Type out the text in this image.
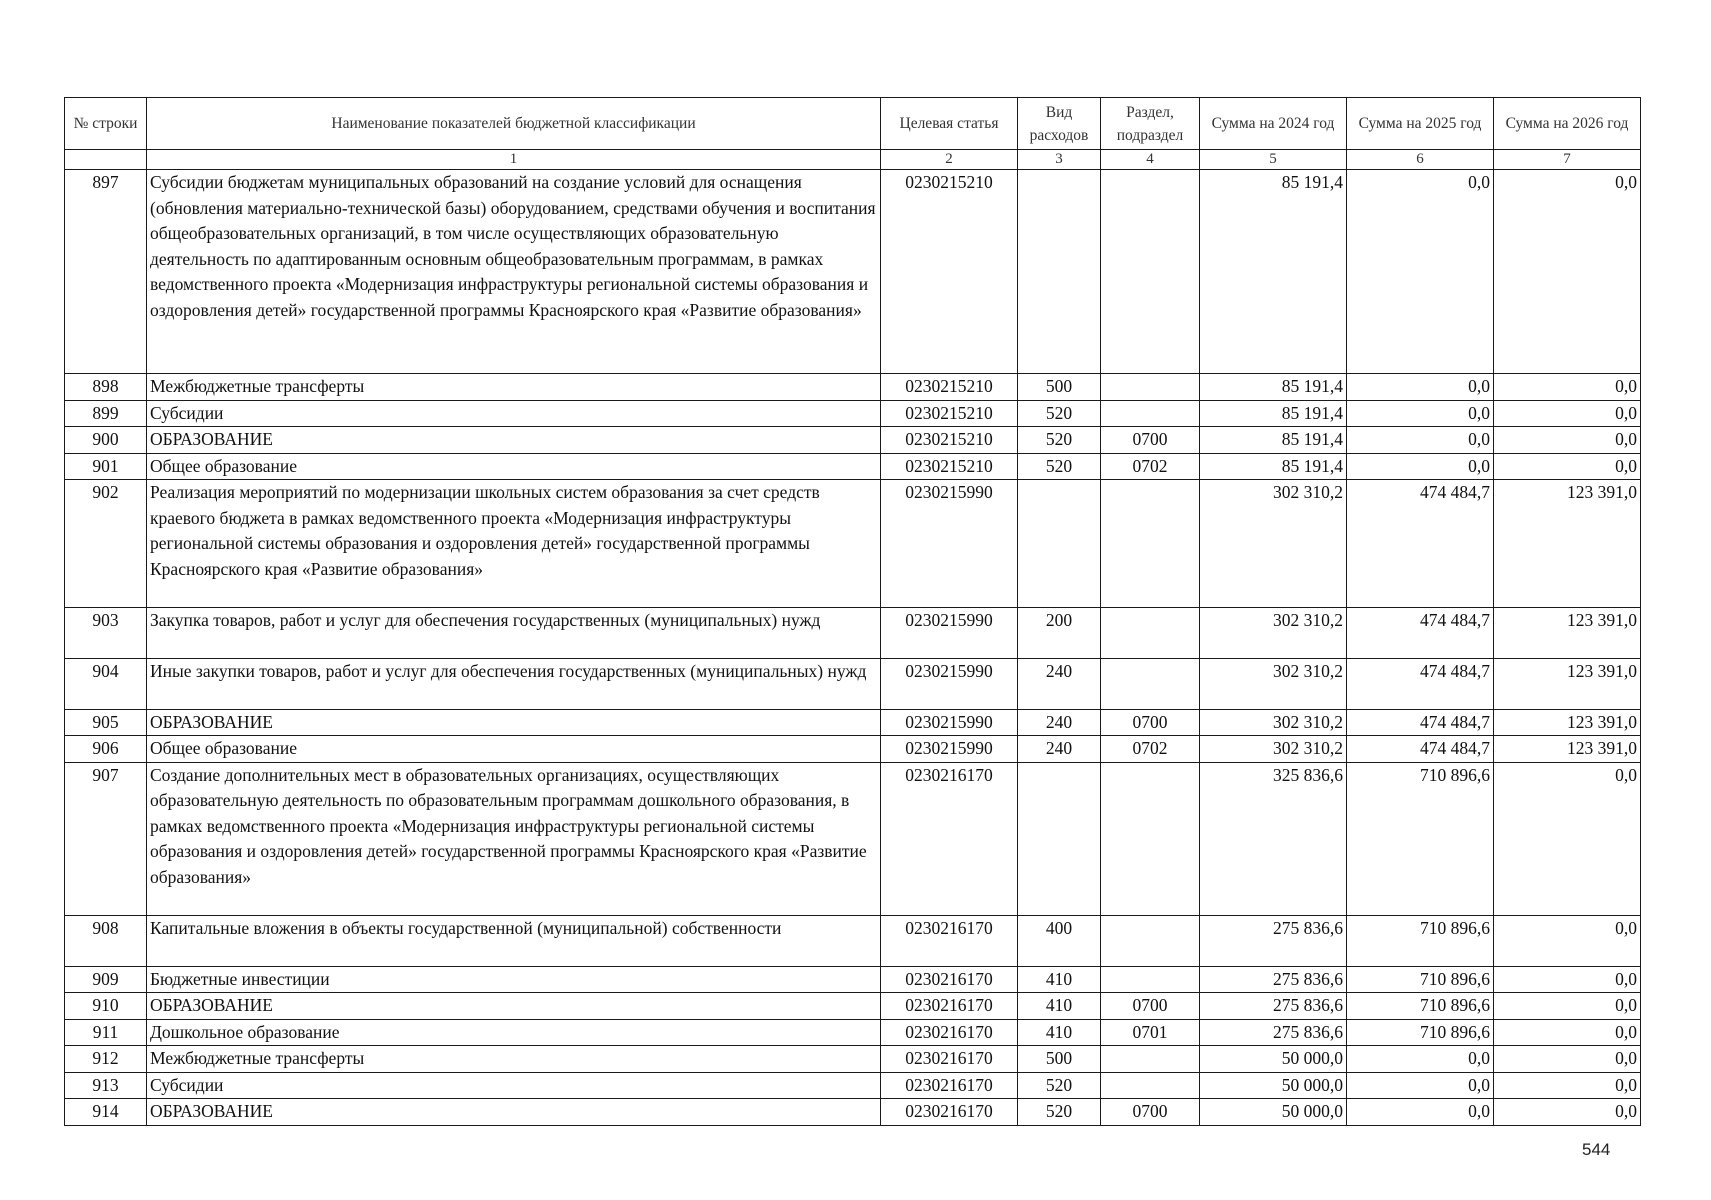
№ строки	Наименование показателей бюджетной классификации	Целевая статья	Вид расходов	Раздел, подраздел	Сумма на 2024 год	Сумма на 2025 год	Сумма на 2026 год
	1	2	3	4	5	6	7
897	Субсидии бюджетам муниципальных образований на создание условий для оснащения (обновления материально-технической базы) оборудованием, средствами обучения и воспитания общеобразовательных организаций, в том числе осуществляющих образовательную деятельность по адаптированным основным общеобразовательным программам, в рамках ведомственного проекта «Модернизация инфраструктуры региональной системы образования и оздоровления детей» государственной программы Красноярского края «Развитие образования»	0230215210			85 191,4	0,0	0,0
898	Межбюджетные трансферты	0230215210	500		85 191,4	0,0	0,0
899	Субсидии	0230215210	520		85 191,4	0,0	0,0
900	ОБРАЗОВАНИЕ	0230215210	520	0700	85 191,4	0,0	0,0
901	Общее образование	0230215210	520	0702	85 191,4	0,0	0,0
902	Реализация мероприятий по модернизации школьных систем образования за счет средств краевого бюджета в рамках ведомственного проекта «Модернизация инфраструктуры региональной системы образования и оздоровления детей» государственной программы Красноярского края «Развитие образования»	0230215990			302 310,2	474 484,7	123 391,0
903	Закупка товаров, работ и услуг для обеспечения государственных (муниципальных) нужд	0230215990	200		302 310,2	474 484,7	123 391,0
904	Иные закупки товаров, работ и услуг для обеспечения государственных (муниципальных) нужд	0230215990	240		302 310,2	474 484,7	123 391,0
905	ОБРАЗОВАНИЕ	0230215990	240	0700	302 310,2	474 484,7	123 391,0
906	Общее образование	0230215990	240	0702	302 310,2	474 484,7	123 391,0
907	Создание дополнительных мест в образовательных организациях, осуществляющих образовательную деятельность по образовательным программам дошкольного образования, в рамках ведомственного проекта «Модернизация инфраструктуры региональной системы образования и оздоровления детей» государственной программы Красноярского края «Развитие образования»	0230216170			325 836,6	710 896,6	0,0
908	Капитальные вложения в объекты государственной (муниципальной) собственности	0230216170	400		275 836,6	710 896,6	0,0
909	Бюджетные инвестиции	0230216170	410		275 836,6	710 896,6	0,0
910	ОБРАЗОВАНИЕ	0230216170	410	0700	275 836,6	710 896,6	0,0
911	Дошкольное образование	0230216170	410	0701	275 836,6	710 896,6	0,0
912	Межбюджетные трансферты	0230216170	500		50 000,0	0,0	0,0
913	Субсидии	0230216170	520		50 000,0	0,0	0,0
914	ОБРАЗОВАНИЕ	0230216170	520	0700	50 000,0	0,0	0,0
544
